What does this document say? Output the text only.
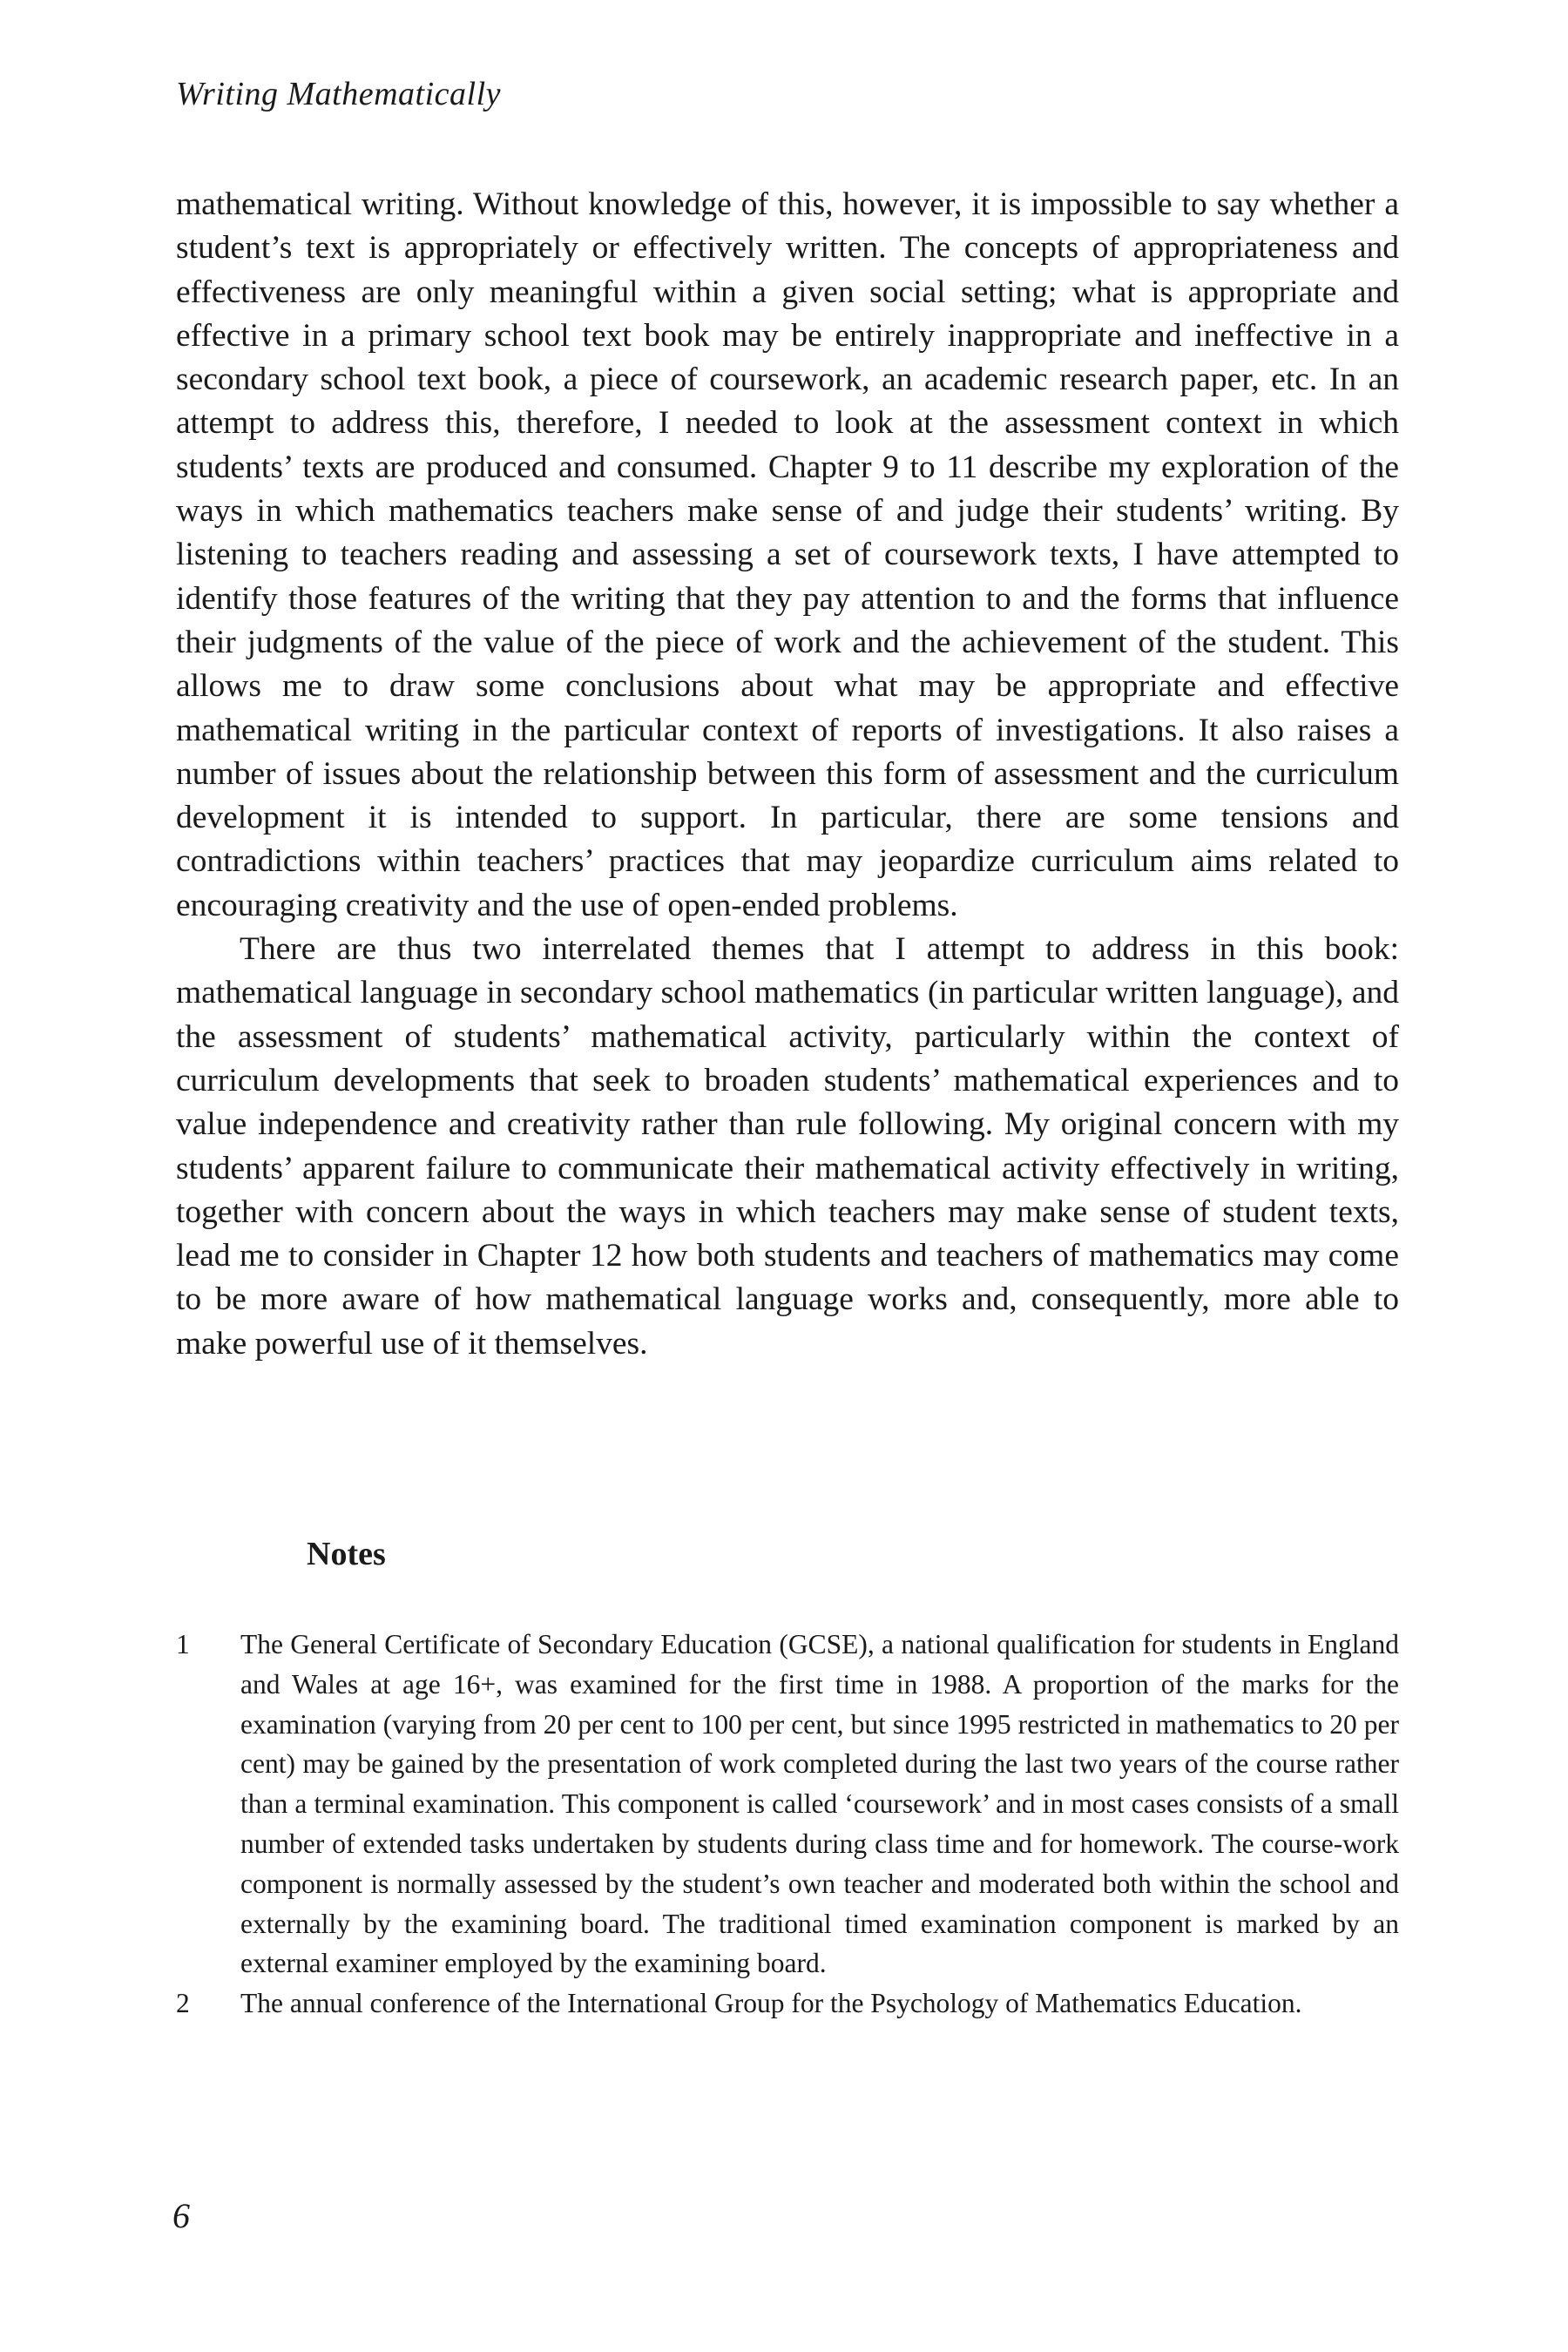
Writing Mathematically

mathematical writing. Without knowledge of this, however, it is impossible to say whether a student’s text is appropriately or effectively written. The concepts of appropriateness and effectiveness are only meaningful within a given social setting; what is appropriate and effective in a primary school text book may be entirely inappropriate and ineffective in a secondary school text book, a piece of coursework, an academic research paper, etc. In an attempt to address this, therefore, I needed to look at the assessment context in which students’ texts are produced and consumed. Chapter 9 to 11 describe my exploration of the ways in which mathematics teachers make sense of and judge their students’ writing. By listening to teachers reading and assessing a set of coursework texts, I have attempted to identify those features of the writing that they pay attention to and the forms that influence their judgments of the value of the piece of work and the achievement of the student. This allows me to draw some conclusions about what may be appropriate and effective mathematical writing in the particular context of reports of investigations. It also raises a number of issues about the relationship between this form of assessment and the curriculum development it is intended to support. In particular, there are some tensions and contradictions within teachers’ practices that may jeopardize curriculum aims related to encouraging creativity and the use of open-ended problems.

There are thus two interrelated themes that I attempt to address in this book: mathematical language in secondary school mathematics (in particular written language), and the assessment of students’ mathematical activity, particularly within the context of curriculum developments that seek to broaden students’ mathematical experiences and to value independence and creativity rather than rule following. My original concern with my students’ apparent failure to communicate their mathematical activity effectively in writing, together with concern about the ways in which teachers may make sense of student texts, lead me to consider in Chapter 12 how both students and teachers of mathematics may come to be more aware of how mathematical language works and, consequently, more able to make powerful use of it themselves.

Notes
1	The General Certificate of Secondary Education (GCSE), a national qualification for students in England and Wales at age 16+, was examined for the first time in 1988. A proportion of the marks for the examination (varying from 20 per cent to 100 per cent, but since 1995 restricted in mathematics to 20 per cent) may be gained by the presentation of work completed during the last two years of the course rather than a terminal examination. This component is called ‘coursework’ and in most cases consists of a small number of extended tasks undertaken by students during class time and for homework. The course-work component is normally assessed by the student’s own teacher and moderated both within the school and externally by the examining board. The traditional timed examination component is marked by an external examiner employed by the examining board.
2	The annual conference of the International Group for the Psychology of Mathematics Education.
6
